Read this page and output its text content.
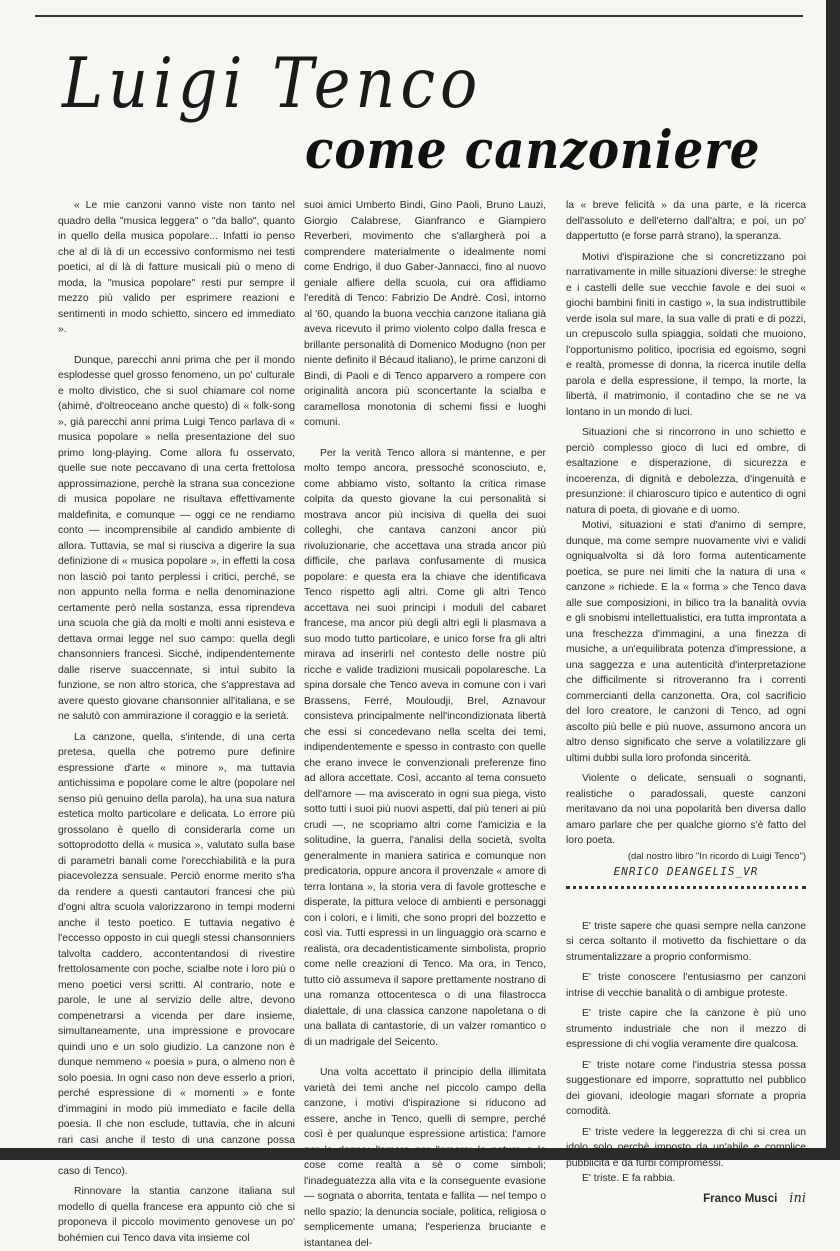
Luigi Tenco
come canzoniere

« Le mie canzoni vanno viste non tanto nel quadro della "musica leggera" o "da ballo", quanto in quello della musica popolare... Infatti io penso che al di là di un eccessivo conformismo nei testi poetici, al di là di fatture musicali più o meno di moda, la "musica popolare" resti pur sempre il mezzo più valido per esprimere reazioni e sentimenti in modo schietto, sincero ed immediato ».

Dunque, parecchi anni prima che per il mondo esplodesse quel grosso fenomeno, un po' culturale e molto divistico, che si suol chiamare col nome (ahimè, d'oltreoceano anche questo) di « folk-song », già parecchi anni prima Luigi Tenco parlava di « musica popolare » nella presentazione del suo primo long-playing. Come allora fu osservato, quelle sue note peccavano di una certa frettolosa approssimazione, perchè la strana sua concezione di musica popolare ne risultava effettivamente maldefinita, e comunque — oggi ce ne rendiamo conto — incomprensibile al candido ambiente di allora. Tuttavia, se mal si riusciva a digerire la sua definizione di « musica popolare », in effetti la cosa non lasciò poi tanto perplessi i critici, perché, se non appunto nella forma e nella denominazione certamente però nella sostanza, essa riprendeva una scuola che già da molti e molti anni esisteva e dettava ormai legge nel suo campo: quella degli chansonniers francesi. Sicché, indipendentemente dalle riserve suaccennate, si intuì subito la funzione, se non altro storica, che s'apprestava ad avere questo giovane chansonnier all'italiana, e se ne salutò con ammirazione il coraggio e la serietà.

La canzone, quella, s'intende, di una certa pretesa, quella che potremo pure definire espressione d'arte « minore », ma tuttavia antichissima e popolare come le altre (popolare nel senso più genuino della parola), ha una sua natura estetica molto particolare e delicata. Lo errore più grossolano è quello di considerarla come un sottoprodotto della « musica », valutato sulla base di parametri banali come l'orecchiabilità e la pura piacevolezza sensuale. Perciò enorme merito s'ha da rendere a questi cantautori francesi che più d'ogni altra scuola valorizzarono in tempi moderni anche il testo poetico. E tuttavia negativo è l'eccesso opposto in cui quegli stessi chansonniers talvolta caddero, accontentandosi di rivestire frettolosamente con poche, scialbe note i loro più o meno poetici versi scritti. Al contrario, note e parole, le une al servizio delle altre, devono compenetrarsi a vicenda per dare insieme, simultaneamente, una impressione e provocare quindi uno e un solo giudizio. La canzone non è dunque nemmeno « poesia » pura, o almeno non è solo poesia. In ogni caso non deve esserlo a priori, perché espressione di « momenti » e fonte d'immagini in modo più immediato e facile della poesia. Il che non esclude, tuttavia, che in alcuni rari casi anche il testo di una canzone possa rivelarsi, a posteriori, vera poesia (ed è talvolta il caso di Tenco).

Rinnovare la stantia canzone italiana sul modello di quella francese era appunto ciò che si proponeva il piccolo movimento genovese un po' bohémien cui Tenco dava vita insieme col

suoi amici Umberto Bindi, Gino Paoli, Bruno Lauzi, Giorgio Calabrese, Gianfranco e Giampiero Reverberi, movimento che s'allargherà poi a comprendere materialmente o idealmente nomi come Endrigo, il duo Gaber-Jannacci, fino al nuovo geniale alfiere della scuola, cui ora affidiamo l'eredità di Tenco: Fabrizio De Andrè. Così, intorno al '60, quando la buona vecchia canzone italiana già aveva ricevuto il primo violento colpo dalla fresca e brillante personalità di Domenico Modugno (non per niente definito il Bécaud italiano), le prime canzoni di Bindi, di Paoli e di Tenco apparvero a rompere con originalità ancora più sconcertante la scialba e caramellosa monotonia di schemi fissi e luoghi comuni.

Per la verità Tenco allora si mantenne, e per molto tempo ancora, pressoché sconosciuto, e, come abbiamo visto, soltanto la critica rimase colpita da questo giovane la cui personalità si mostrava ancor più incisiva di quella dei suoi colleghi, che cantava canzoni ancor più rivoluzionarie, che accettava una strada ancor più difficile, che parlava confusamente di musica popolare: e questa era la chiave che identificava Tenco rispetto agli altri. Come gli altri Tenco accettava nei suoi principi i moduli del cabaret francese, ma ancor più degli altri egli li plasmava a suo modo tutto particolare, e unico forse fra gli altri mirava ad inserirli nel contesto delle nostre più ricche e valide tradizioni musicali popolaresche. La spina dorsale che Tenco aveva in comune con i vari Brassens, Ferré, Mouloudji, Brel, Aznavour consisteva principalmente nell'incondizionata libertà che essi si concedevano nella scelta dei temi, indipendentemente e spesso in contrasto con quelle che erano invece le convenzionali preferenze fino ad allora accettate. Così, accanto al tema consueto dell'amore — ma aviscerato in ogni sua piega, visto sotto tutti i suoi più nuovi aspetti, dal più teneri ai più crudi —, ne scopriamo altri come l'amicizia e la solitudine, la guerra, l'analisi della società, svolta generalmente in maniera satirica e comunque non predicatoria, oppure ancora il provenzale « amore di terra lontana », la storia vera di favole grottesche e disperate, la pittura veloce di ambienti e personaggi con i colori, e i limiti, che sono propri del bozzetto e così via. Tutti espressi in un linguaggio ora scarno e realista, ora decadentisticamente simbolista, proprio come nelle creazioni di Tenco. Ma ora, in Tenco, tutto ciò assumeva il sapore prettamente nostrano di una romanza ottocentesca o di una filastrocca dialettale, di una classica canzone napoletana o di una ballata di cantastorie, di un valzer romantico o di un madrigale del Seicento.

Una volta accettato il principio della illimitata varietà dei temi anche nel piccolo campo della canzone, i motivi d'ispirazione si riducono ad essere, anche in Tenco, quelli di sempre, perché così è per qualunque espressione artistica: l'amore per la donna; l'amore per l'amore; la natura e le cose come realtà a sè o come simboli; l'inadeguatezza alla vita e la conseguente evasione — sognata o aborrita, tentata e fallita — nel tempo o nello spazio; la denuncia sociale, politica, religiosa o semplicemente umana; l'esperienza bruciante e istantanea del-

la « breve felicità » da una parte, e la ricerca dell'assoluto e dell'eterno dall'altra; e poi, un po' dappertutto (e forse parrà strano), la speranza.

Motivi d'ispirazione che si concretizzano poi narrativamente in mille situazioni diverse: le streghe e i castelli delle sue vecchie favole e dei suoi « giochi bambini finiti in castigo », la sua indistruttibile verde isola sul mare, la sua valle di prati e di pozzi, un crepuscolo sulla spiaggia, soldati che muoiono, l'opportunismo politico, ipocrisia ed egoismo, sogni e realtà, promesse di donna, la ricerca inutile della parola e della espressione, il tempo, la morte, la libertà, il matrimonio, il contadino che se ne va lontano in un mondo di luci.

Situazioni che si rincorrono in uno schietto e perciò complesso gioco di luci ed ombre, di esaltazione e disperazione, di sicurezza e incoerenza, di dignità e debolezza, d'ingenuità e presunzione: il chiaroscuro tipico e autentico di ogni natura di poeta, di giovane e di uomo.

Motivi, situazioni e stati d'animo di sempre, dunque, ma come sempre nuovamente vivi e validi ogniqualvolta si dà loro forma autenticamente poetica, se pure nei limiti che la natura di una « canzone » richiede. E la « forma » che Tenco dava alle sue composizioni, in bilico tra la banalità ovvia e gli snobismi intellettualistici, era tutta improntata a una freschezza d'immagini, a una finezza di musiche, a un'equilibrata potenza d'impressione, a una saggezza e una autenticità d'interpretazione che difficilmente si ritroveranno fra i correnti commercianti della canzonetta. Ora, col sacrificio del loro creatore, le canzoni di Tenco, ad ogni ascolto più belle e più nuove, assumono ancora un altro denso significato che serve a volatilizzare gli ultimi dubbi sulla loro profonda sincerità.

Violente o delicate, sensuali o sognanti, realistiche o paradossali, queste canzoni meritavano da noi una popolarità ben diversa dallo amaro parlare che per qualche giorno s'è fatto del loro poeta.

(dal nostro libro "In ricordo di Luigi Tenco")

ENRICO DEANGELIS_VR

E' triste sapere che quasi sempre nella canzone si cerca soltanto il motivetto da fischiettare o da strumentalizzare a proprio conformismo.

E' triste conoscere l'entusiasmo per canzoni intrise di vecchie banalità o di ambigue proteste.

E' triste capire che la canzone è più uno strumento industriale che non il mezzo di espressione di chi voglia veramente dire qualcosa.

E' triste notare come l'industria stessa possa suggestionare ed imporre, soprattutto nel pubblico dei giovani, ideologie magari sfornate a propria comodità.

E' triste vedere la leggerezza di chi si crea un idolo solo perchè imposto da un'abile e complice pubblicità e da furbi compromessi.

E' triste. E fa rabbia.

Franco Musci ini
